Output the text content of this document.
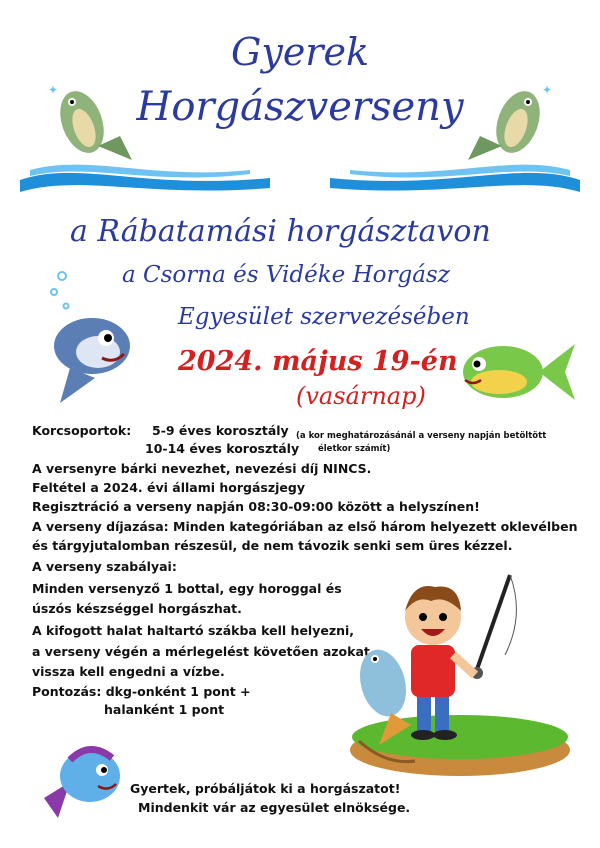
✦	✦
Gyerek
Horgászverseny
a Rábatamási horgásztavon
a Csorna és Vidéke Horgász
Egyesület szervezésében
2024. május 19-én
(vasárnap)
Korcsoportok: 5-9 éves korosztály
10-14 éves korosztály
(a kor meghatározásánál a verseny napján betöltött
életkor számít)
A versenyre bárki nevezhet, nevezési díj NINCS.
Feltétel a 2024. évi állami horgászjegy
Regisztráció a verseny napján 08:30-09:00 között a helyszínen!
A verseny díjazása: Minden kategóriában az első három helyezett oklevélben
és tárgyjutalomban részesül, de nem távozik senki sem üres kézzel.
A verseny szabályai:
Minden versenyző 1 bottal, egy horoggal és
úszós készséggel horgászhat.
A kifogott halat haltartó szákba kell helyezni,
a verseny végén a mérlegelést követően azokat
vissza kell engedni a vízbe.
Pontozás: dkg-onként 1 pont +
halanként 1 pont
Gyertek, próbáljátok ki a horgászatot!
Mindenkit vár az egyesület elnöksége.
